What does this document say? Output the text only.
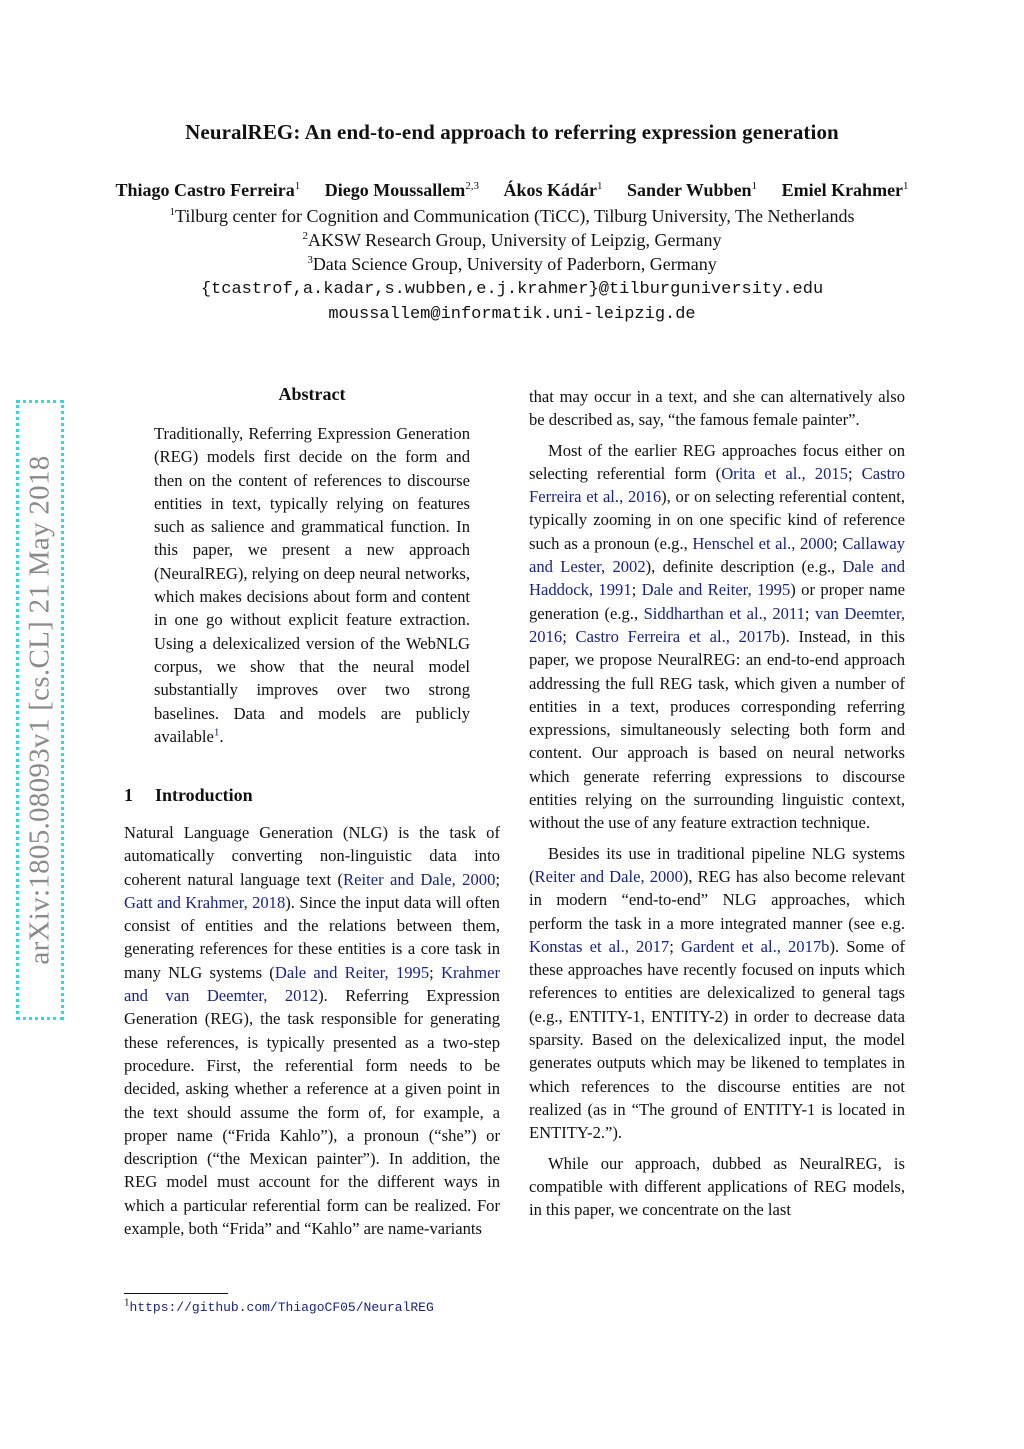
NeuralREG: An end-to-end approach to referring expression generation
Thiago Castro Ferreira$^1$ Diego Moussallem$^{2,3}$ Ákos Kádár$^1$ Sander Wubben$^1$ Emiel Krahmer$^1$
$^1$Tilburg center for Cognition and Communication (TiCC), Tilburg University, The Netherlands
$^2$AKSW Research Group, University of Leipzig, Germany
$^3$Data Science Group, University of Paderborn, Germany
{tcastrof,a.kadar,s.wubben,e.j.krahmer}@tilburguniversity.edu
moussallem@informatik.uni-leipzig.de
arXiv:1805.08093v1 [cs.CL] 21 May 2018
Abstract

Traditionally, Referring Expression Generation (REG) models first decide on the form and then on the content of references to discourse entities in text, typically relying on features such as salience and grammatical function. In this paper, we present a new approach (NeuralREG), relying on deep neural networks, which makes decisions about form and content in one go without explicit feature extraction. Using a delexicalized version of the WebNLG corpus, we show that the neural model substantially improves over two strong baselines. Data and models are publicly available$^1$.

1 Introduction

Natural Language Generation (NLG) is the task of automatically converting non-linguistic data into coherent natural language text (Reiter and Dale, 2000; Gatt and Krahmer, 2018). Since the input data will often consist of entities and the relations between them, generating references for these entities is a core task in many NLG systems (Dale and Reiter, 1995; Krahmer and van Deemter, 2012). Referring Expression Generation (REG), the task responsible for generating these references, is typically presented as a two-step procedure. First, the referential form needs to be decided, asking whether a reference at a given point in the text should assume the form of, for example, a proper name (“Frida Kahlo”), a pronoun (“she”) or description (“the Mexican painter”). In addition, the REG model must account for the different ways in which a particular referential form can be realized. For example, both “Frida” and “Kahlo” are name-variants

that may occur in a text, and she can alternatively also be described as, say, “the famous female painter”.

Most of the earlier REG approaches focus either on selecting referential form (Orita et al., 2015; Castro Ferreira et al., 2016), or on selecting referential content, typically zooming in on one specific kind of reference such as a pronoun (e.g., Henschel et al., 2000; Callaway and Lester, 2002), definite description (e.g., Dale and Haddock, 1991; Dale and Reiter, 1995) or proper name generation (e.g., Siddharthan et al., 2011; van Deemter, 2016; Castro Ferreira et al., 2017b). Instead, in this paper, we propose NeuralREG: an end-to-end approach addressing the full REG task, which given a number of entities in a text, produces corresponding referring expressions, simultaneously selecting both form and content. Our approach is based on neural networks which generate referring expressions to discourse entities relying on the surrounding linguistic context, without the use of any feature extraction technique.

Besides its use in traditional pipeline NLG systems (Reiter and Dale, 2000), REG has also become relevant in modern “end-to-end” NLG approaches, which perform the task in a more integrated manner (see e.g. Konstas et al., 2017; Gardent et al., 2017b). Some of these approaches have recently focused on inputs which references to entities are delexicalized to general tags (e.g., ENTITY-1, ENTITY-2) in order to decrease data sparsity. Based on the delexicalized input, the model generates outputs which may be likened to templates in which references to the discourse entities are not realized (as in “The ground of ENTITY-1 is located in ENTITY-2.”).

While our approach, dubbed as NeuralREG, is compatible with different applications of REG models, in this paper, we concentrate on the last

$^1$https://github.com/ThiagoCF05/NeuralREG
